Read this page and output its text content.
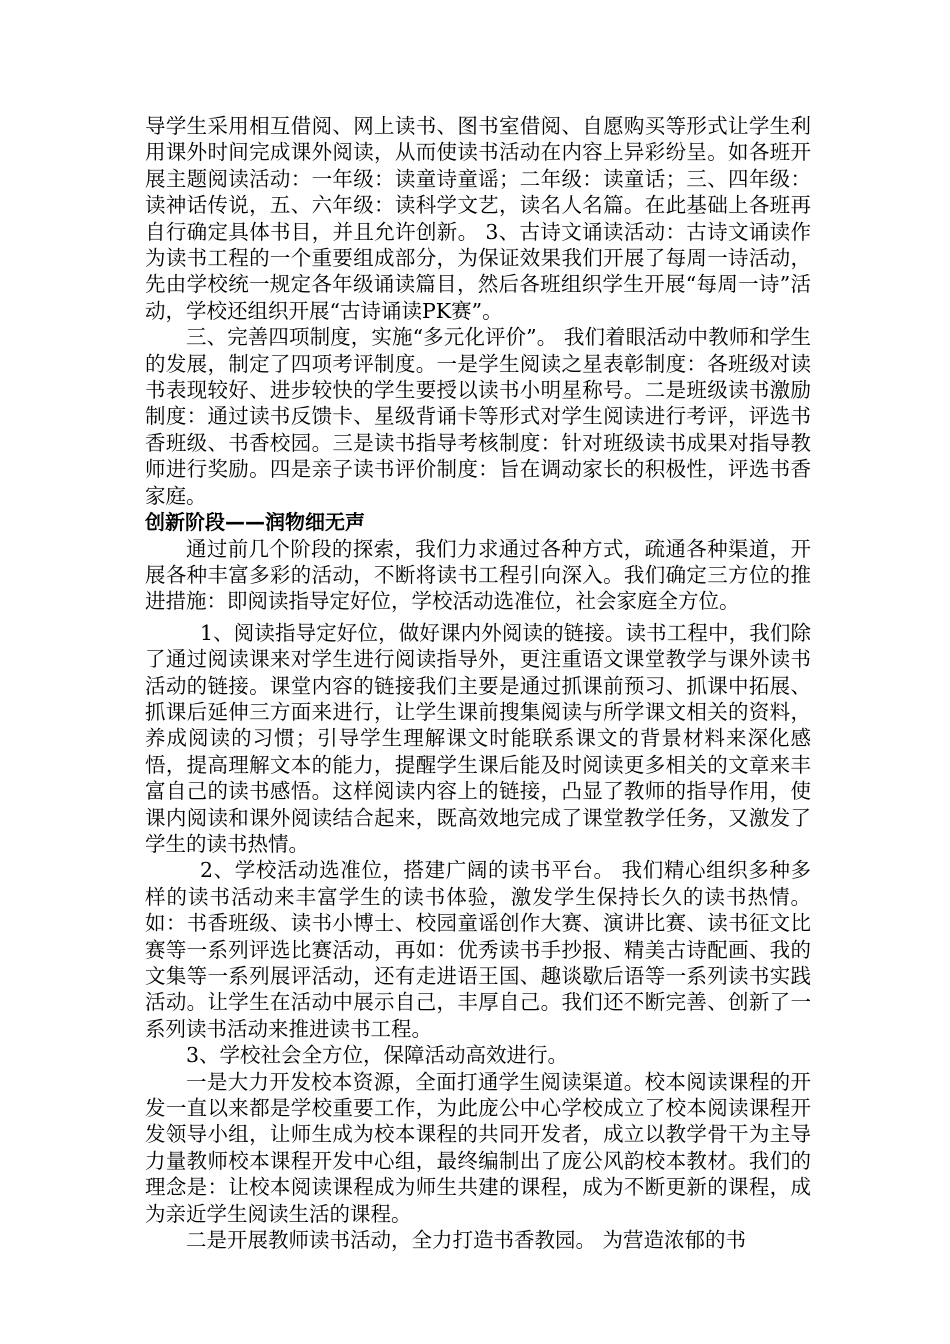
导学生采用相互借阅、网上读书、图书室借阅、自愿购买等形式让学生利用课外时间完成课外阅读，从而使读书活动在内容上异彩纷呈。如各班开展主题阅读活动：一年级：读童诗童谣；二年级：读童话；三、四年级：读神话传说，五、六年级：读科学文艺，读名人名篇。在此基础上各班再自行确定具体书目，并且允许创新。 3、古诗文诵读活动：古诗文诵读作为读书工程的一个重要组成部分，为保证效果我们开展了每周一诗活动，先由学校统一规定各年级诵读篇目，然后各班组织学生开展“每周一诗”活动，学校还组织开展“古诗诵读PK赛”。

三、完善四项制度，实施“多元化评价”。 我们着眼活动中教师和学生的发展，制定了四项考评制度。一是学生阅读之星表彰制度：各班级对读书表现较好、进步较快的学生要授以读书小明星称号。二是班级读书激励制度：通过读书反馈卡、星级背诵卡等形式对学生阅读进行考评，评选书香班级、书香校园。三是读书指导考核制度：针对班级读书成果对指导教师进行奖励。四是亲子读书评价制度：旨在调动家长的积极性，评选书香家庭。

创新阶段——润物细无声

通过前几个阶段的探索，我们力求通过各种方式，疏通各种渠道，开展各种丰富多彩的活动，不断将读书工程引向深入。我们确定三方位的推进措施：即阅读指导定好位，学校活动选准位，社会家庭全方位。

1、阅读指导定好位，做好课内外阅读的链接。读书工程中，我们除了通过阅读课来对学生进行阅读指导外，更注重语文课堂教学与课外读书活动的链接。课堂内容的链接我们主要是通过抓课前预习、抓课中拓展、抓课后延伸三方面来进行，让学生课前搜集阅读与所学课文相关的资料，养成阅读的习惯；引导学生理解课文时能联系课文的背景材料来深化感悟，提高理解文本的能力，提醒学生课后能及时阅读更多相关的文章来丰富自己的读书感悟。这样阅读内容上的链接，凸显了教师的指导作用，使课内阅读和课外阅读结合起来，既高效地完成了课堂教学任务，又激发了学生的读书热情。

2、学校活动选准位，搭建广阔的读书平台。 我们精心组织多种多样的读书活动来丰富学生的读书体验，激发学生保持长久的读书热情。如：书香班级、读书小博士、校园童谣创作大赛、演讲比赛、读书征文比赛等一系列评选比赛活动，再如：优秀读书手抄报、精美古诗配画、我的文集等一系列展评活动，还有走进语王国、趣谈歇后语等一系列读书实践活动。让学生在活动中展示自己，丰厚自己。我们还不断完善、创新了一系列读书活动来推进读书工程。

3、学校社会全方位，保障活动高效进行。

一是大力开发校本资源，全面打通学生阅读渠道。校本阅读课程的开发一直以来都是学校重要工作，为此庞公中心学校成立了校本阅读课程开发领导小组，让师生成为校本课程的共同开发者，成立以教学骨干为主导力量教师校本课程开发中心组，最终编制出了庞公风韵校本教材。我们的理念是：让校本阅读课程成为师生共建的课程，成为不断更新的课程，成为亲近学生阅读生活的课程。

二是开展教师读书活动，全力打造书香教园。 为营造浓郁的书
